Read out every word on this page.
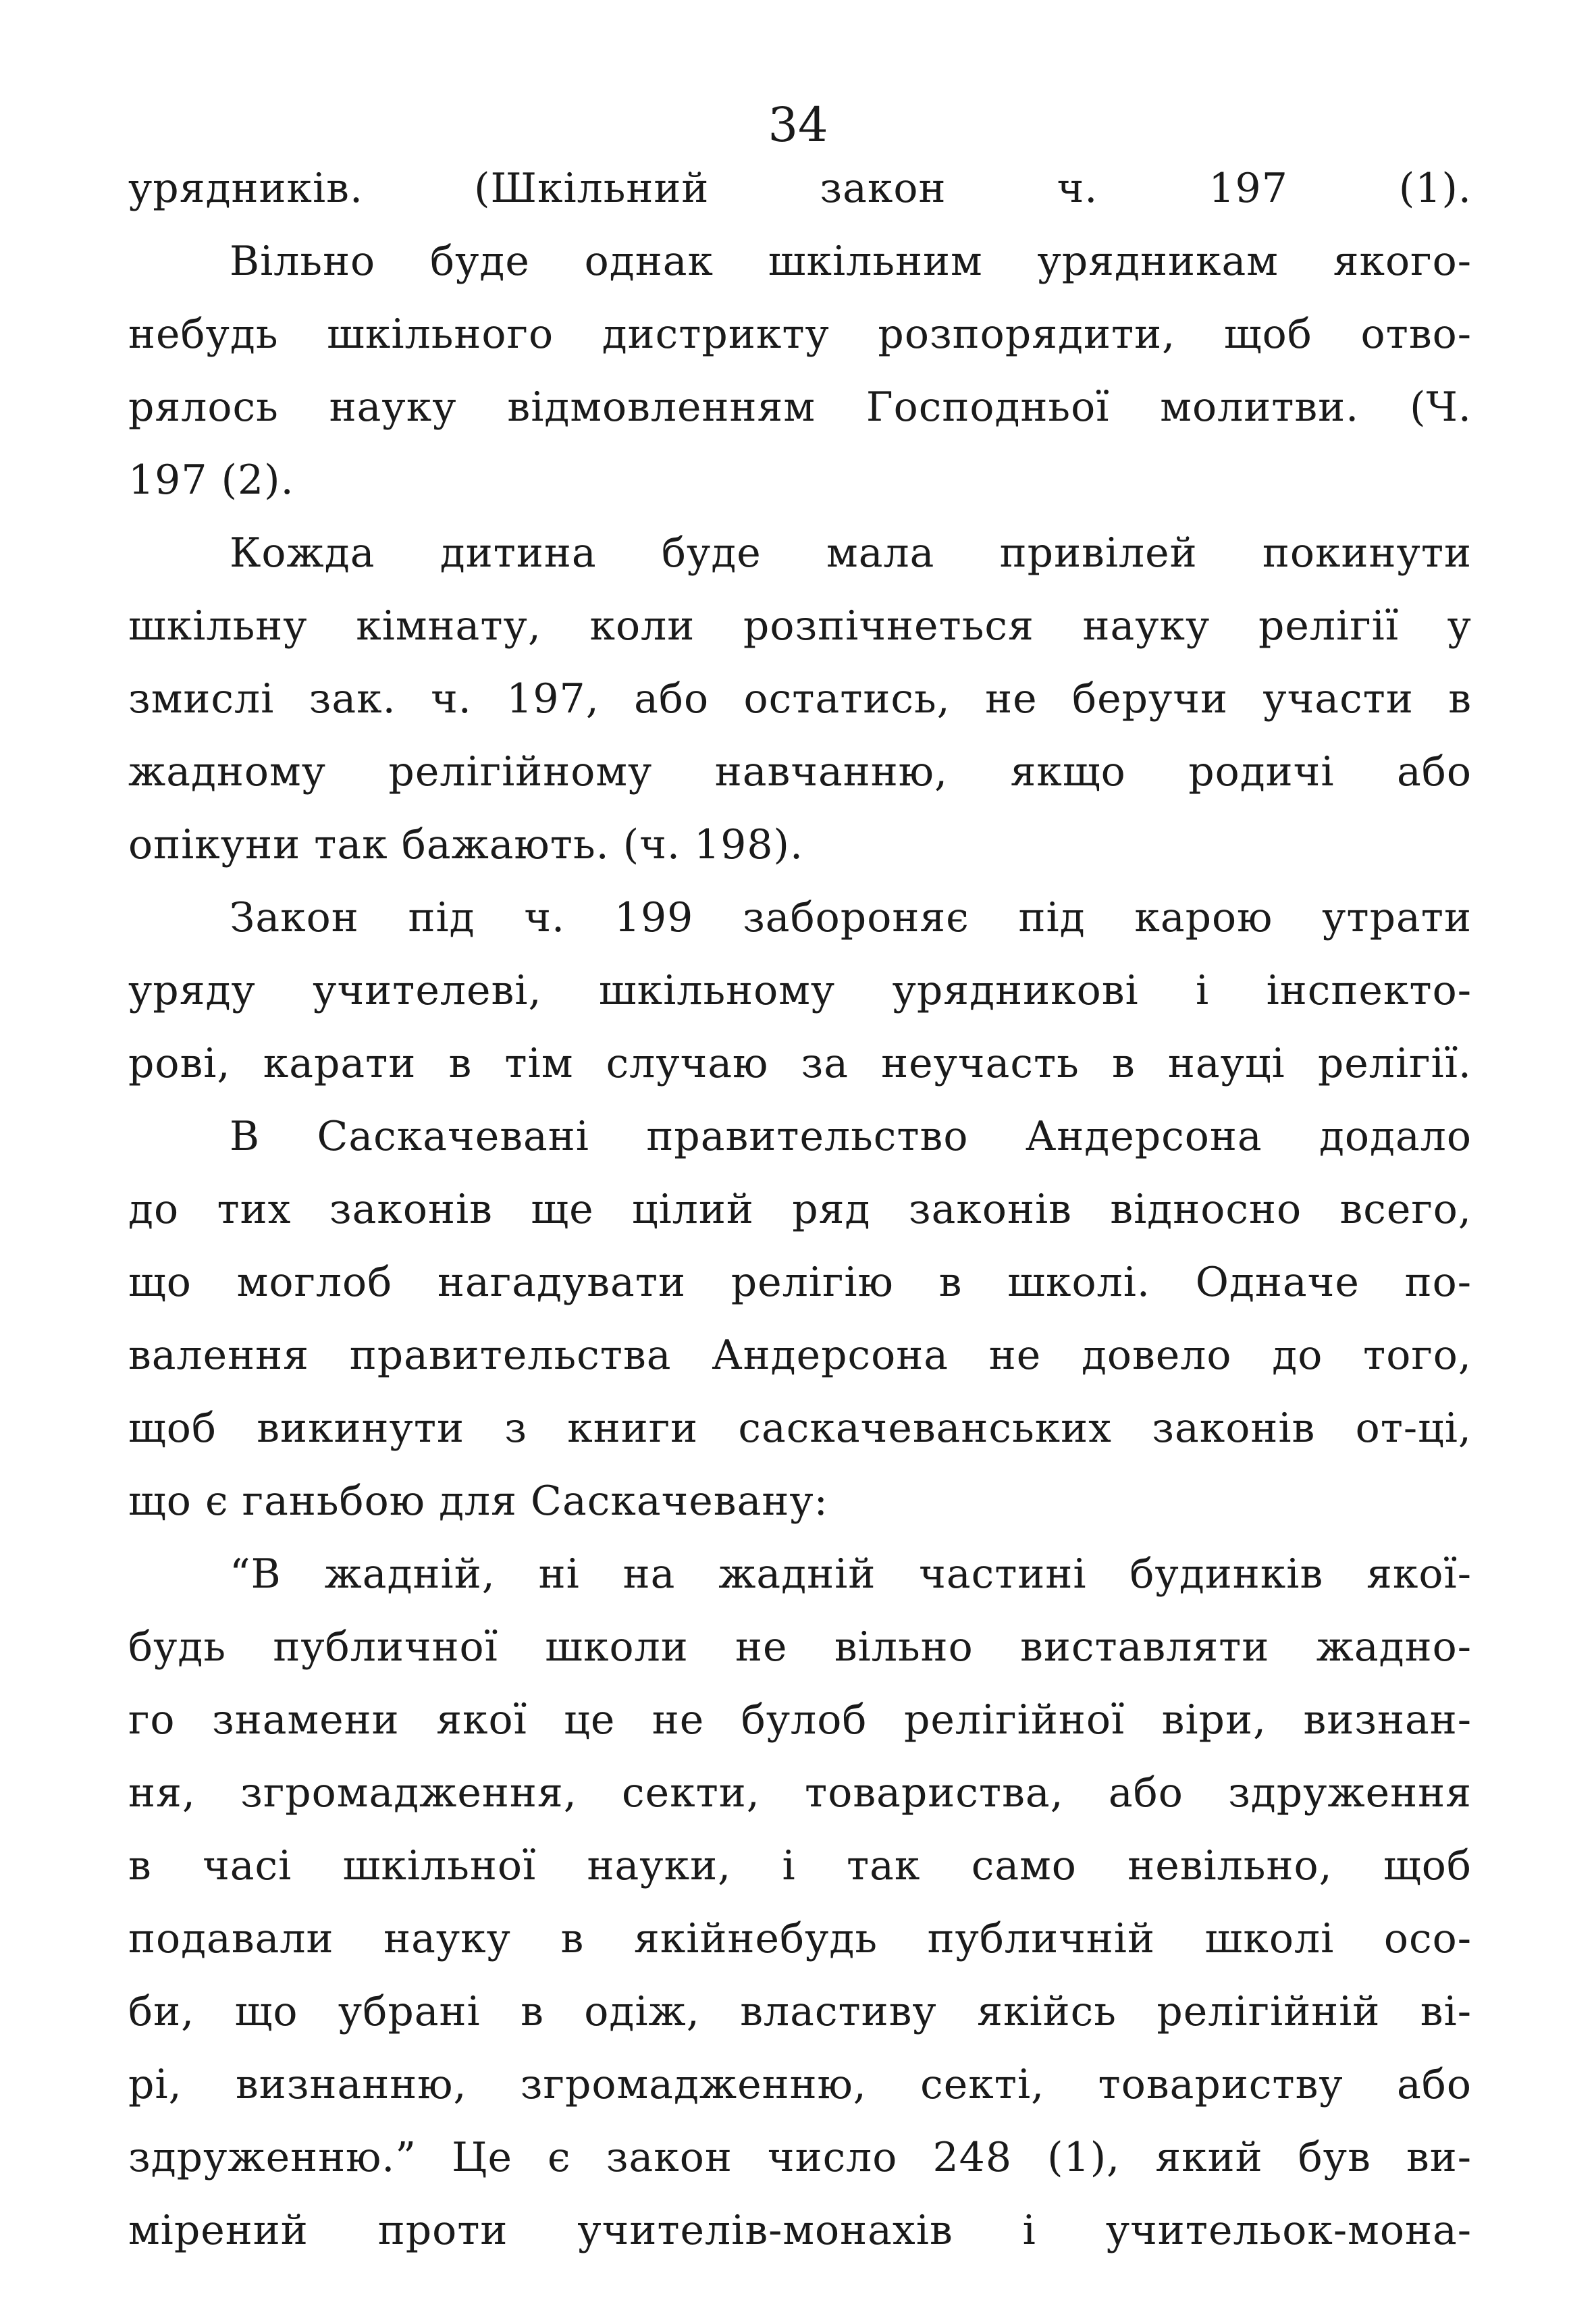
34
урядників. (Шкільний закон ч. 197 (1).
Вільно буде однак шкільним урядникам якого-
небудь шкільного дистрикту розпорядити, щоб отво-
рялось науку відмовленням Господньої молитви. (Ч.
197 (2).
Кожда дитина буде мала привілей покинути
шкільну кімнату, коли розпічнеться науку релігії у
змислі зак. ч. 197, або остатись, не беручи участи в
жадному релігійному навчанню, якщо родичі або
опікуни так бажають. (ч. 198).
Закон під ч. 199 забороняє під карою утрати
уряду учителеві, шкільному урядникові і інспекто-
рові, карати в тім случаю за неучасть в науці релігії.
В Саскачевані правительство Андерсона додало
до тих законів ще цілий ряд законів відносно всего,
що моглоб нагадувати релігію в школі. Одначе по-
валення правительства Андерсона не довело до того,
щоб викинути з книги саскачеванських законів от-ці,
що є ганьбою для Саскачевану:
“В жадній, ні на жадній частині будинків якої-
будь публичної школи не вільно виставляти жадно-
го знамени якої це не булоб релігійної віри, визнан-
ня, згромадження, секти, товариства, або здруження
в часі шкільної науки, і так само невільно, щоб
подавали науку в якійнебудь публичній школі осо-
би, що убрані в одіж, властиву якійсь релігійній ві-
рі, визнанню, згромадженню, секті, товариству або
здруженню.” Це є закон число 248 (1), який був ви-
мірений проти учителів-монахів і учительок-мона-
